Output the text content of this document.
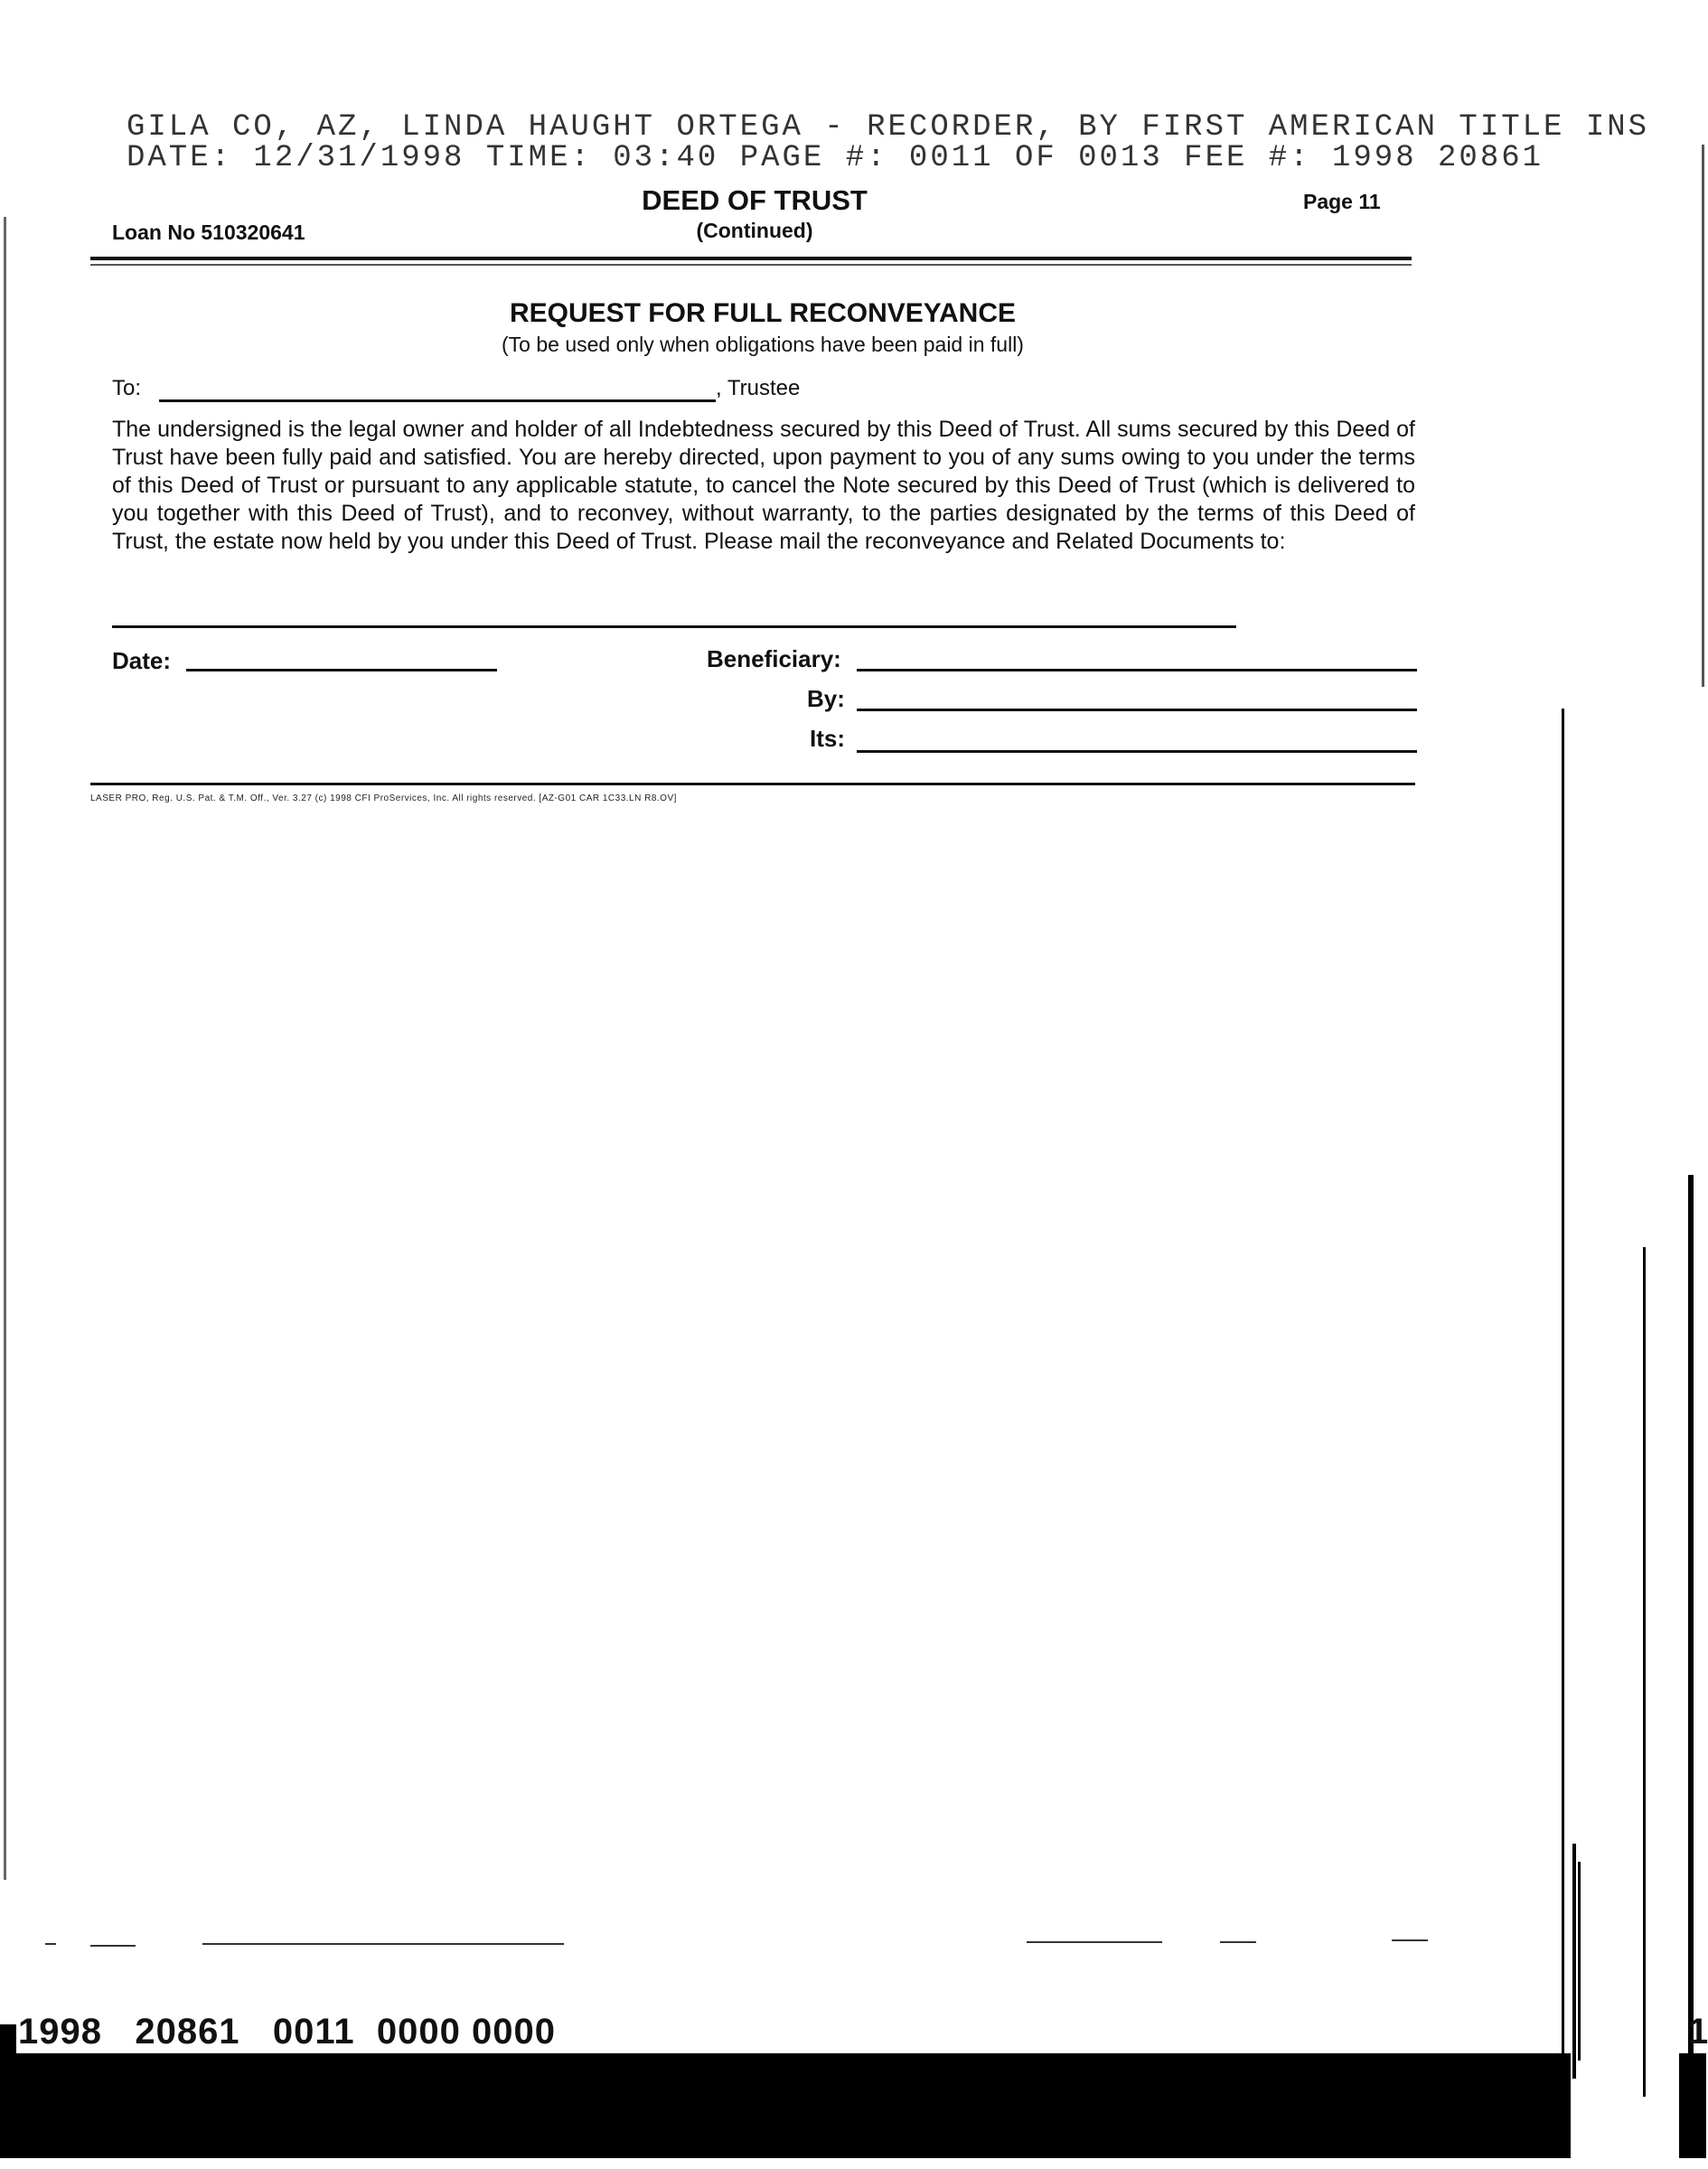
GILA CO, AZ, LINDA HAUGHT ORTEGA - RECORDER, BY FIRST AMERICAN TITLE INS
DATE: 12/31/1998 TIME: 03:40 PAGE #: 0011 OF 0013 FEE #: 1998 20861
Loan No 510320641
DEED OF TRUST
(Continued)
Page 11
REQUEST FOR FULL RECONVEYANCE
(To be used only when obligations have been paid in full)
To:	, Trustee
The undersigned is the legal owner and holder of all Indebtedness secured by this Deed of Trust. All sums secured by this Deed of Trust have been fully paid and satisfied. You are hereby directed, upon payment to you of any sums owing to you under the terms of this Deed of Trust or pursuant to any applicable statute, to cancel the Note secured by this Deed of Trust (which is delivered to you together with this Deed of Trust), and to reconvey, without warranty, to the parties designated by the terms of this Deed of Trust, the estate now held by you under this Deed of Trust. Please mail the reconveyance and Related Documents to:
Date:	Beneficiary:
By:
Its:
LASER PRO, Reg. U.S. Pat. & T.M. Off., Ver. 3.27 (c) 1998 CFI ProServices, Inc. All rights reserved. [AZ-G01 CAR 1C33.LN R8.OV]
1998   20861   0011  0000 0000	1
